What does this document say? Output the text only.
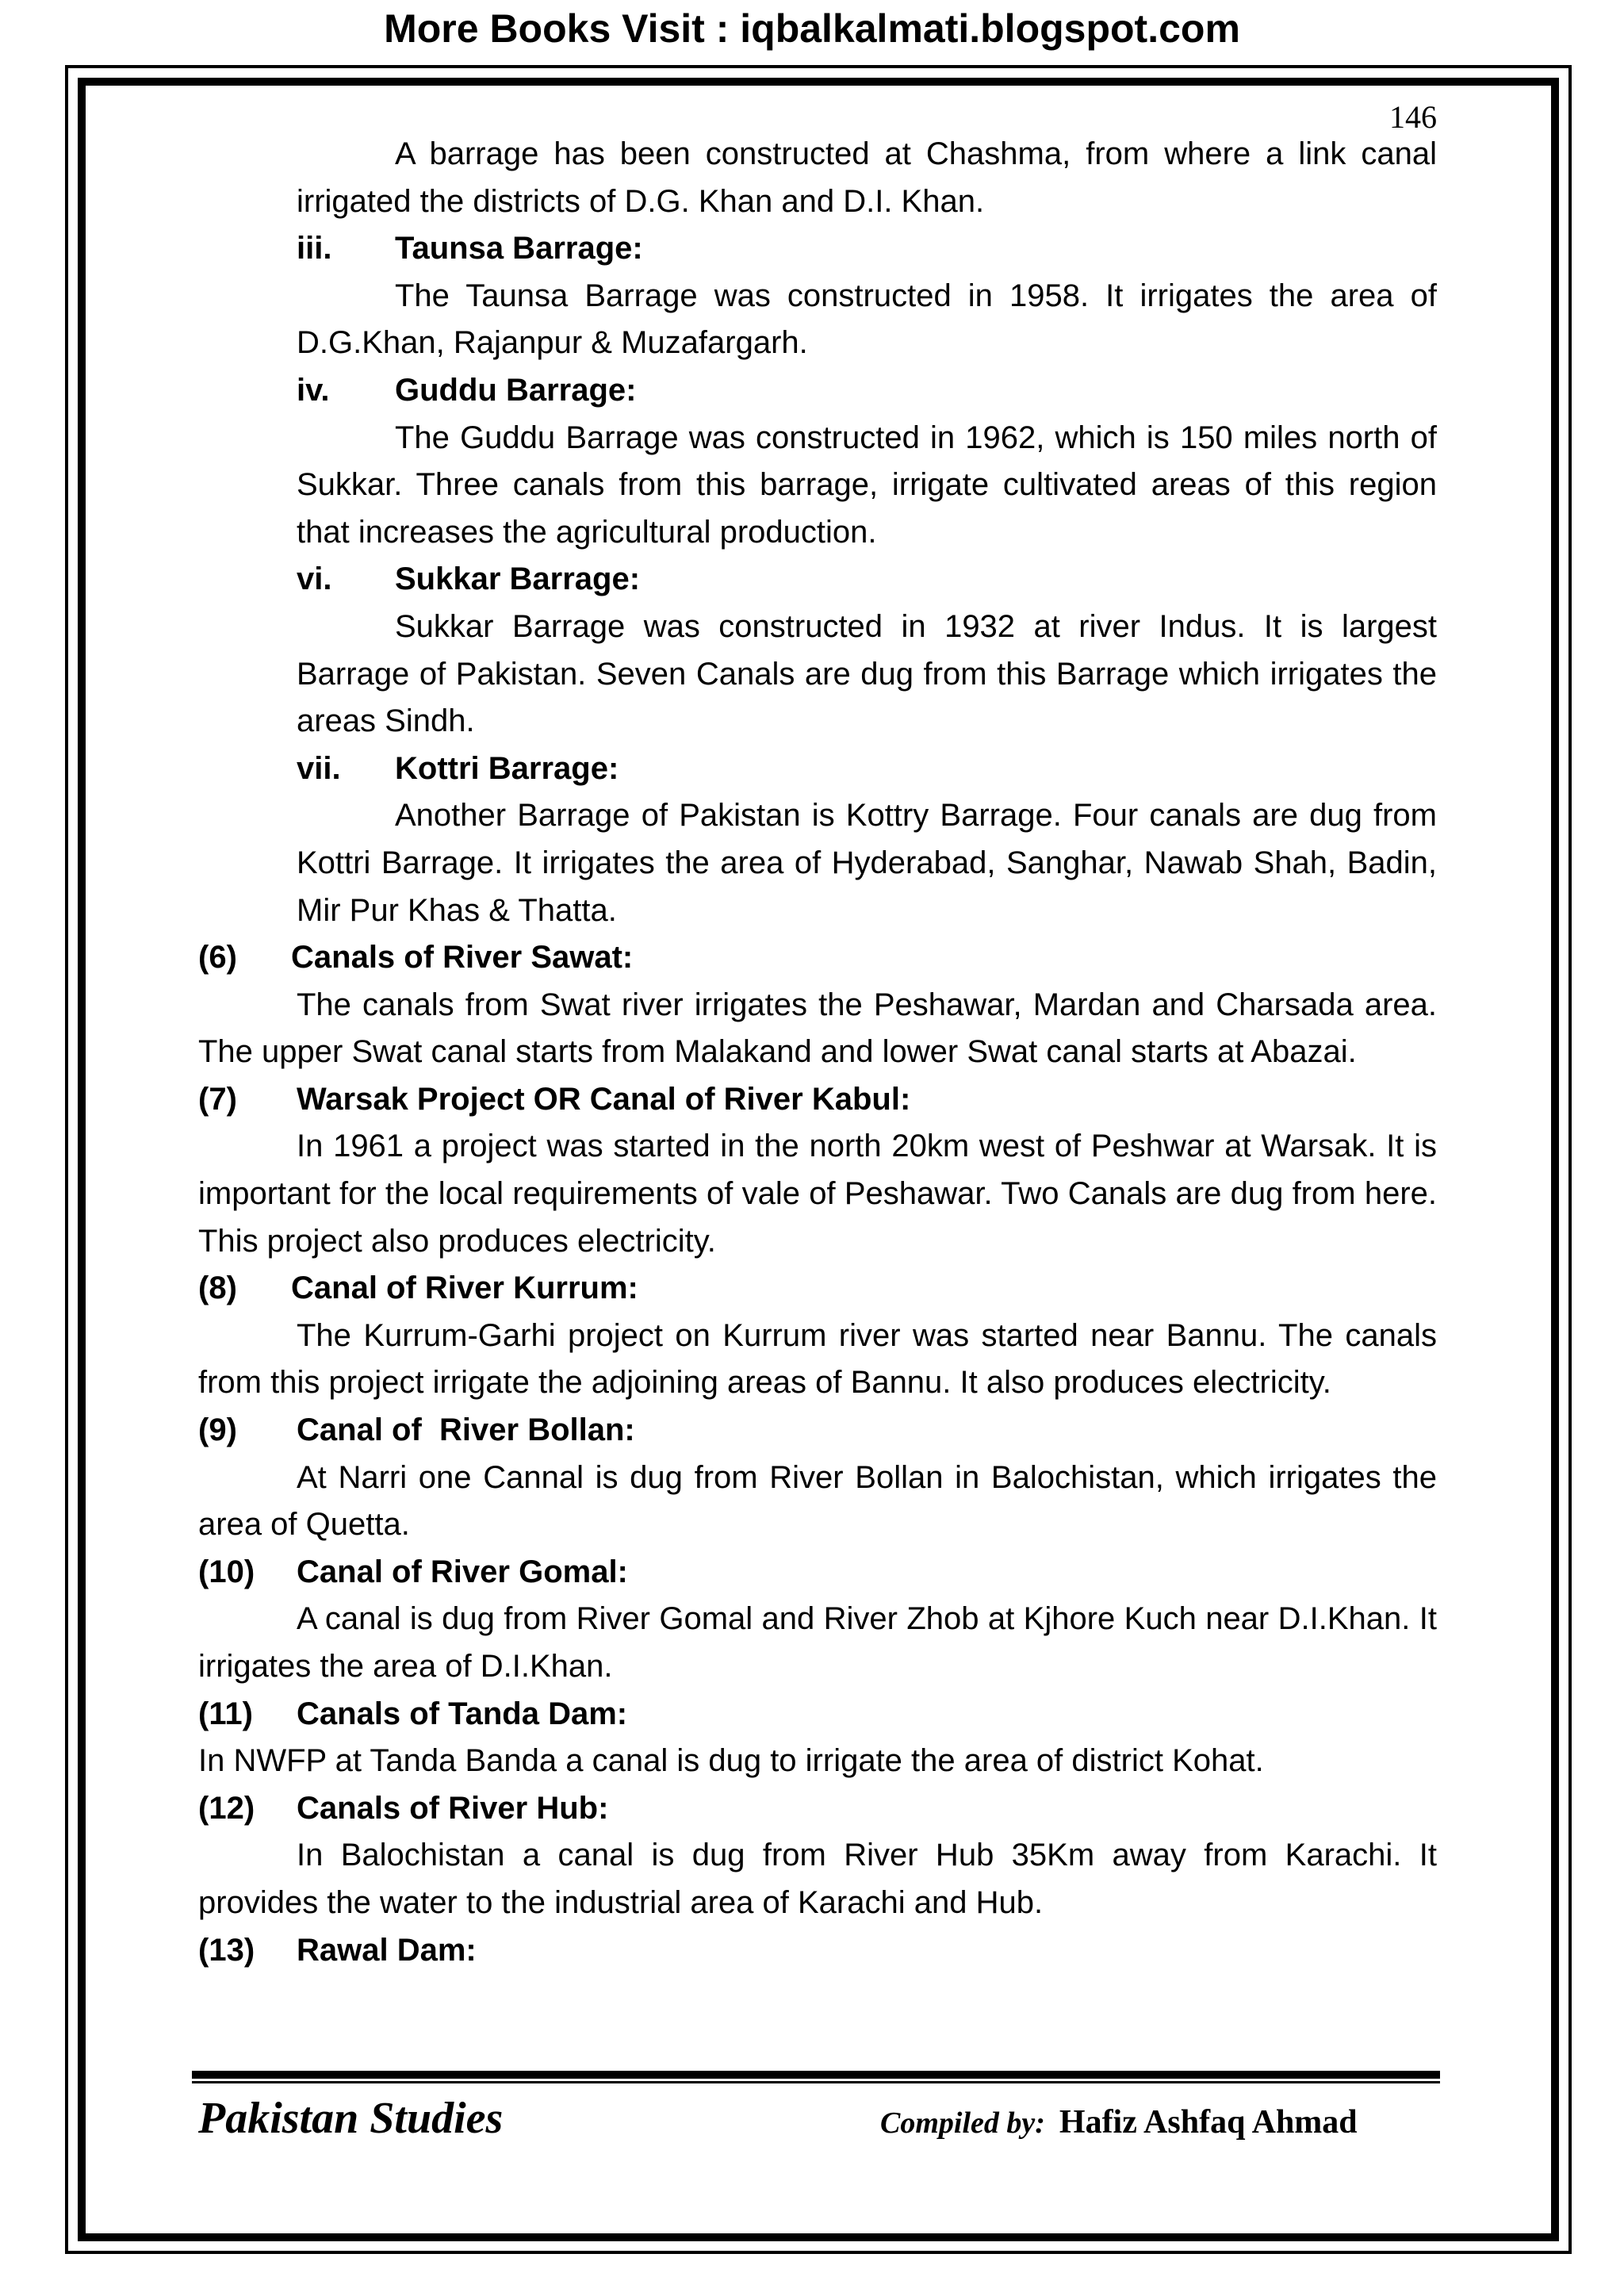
More Books Visit : iqbalkalmati.blogspot.com
146

A barrage has been constructed at Chashma, from where a link canal irrigated the districts of D.G. Khan and D.I. Khan.

iii.	Taunsa Barrage:

The Taunsa Barrage was constructed in 1958. It irrigates the area of D.G.Khan, Rajanpur & Muzafargarh.

iv.	Guddu Barrage:

The Guddu Barrage was constructed in 1962, which is 150 miles north of Sukkar. Three canals from this barrage, irrigate cultivated areas of this region that increases the agricultural production.

vi.	Sukkar Barrage:

Sukkar Barrage was constructed in 1932 at river Indus. It is largest Barrage of Pakistan. Seven Canals are dug from this Barrage which irrigates the areas Sindh.

vii.	Kottri Barrage:

Another Barrage of Pakistan is Kottry Barrage. Four canals are dug from Kottri Barrage. It irrigates the area of Hyderabad, Sanghar, Nawab Shah, Badin, Mir Pur Khas & Thatta.

(6)	Canals of River Sawat:

The canals from Swat river irrigates the Peshawar, Mardan and Charsada area. The upper Swat canal starts from Malakand and lower Swat canal starts at Abazai.

(7)	Warsak Project OR Canal of River Kabul:

In 1961 a project was started in the north 20km west of Peshwar at Warsak. It is important for the local requirements of vale of Peshawar. Two Canals are dug from here. This project also produces electricity.

(8)	Canal of River Kurrum:

The Kurrum-Garhi project on Kurrum river was started near Bannu. The canals from this project irrigate the adjoining areas of Bannu. It also produces electricity.

(9)	Canal of  River Bollan:

At Narri one Cannal is dug from River Bollan in Balochistan, which irrigates the area of Quetta.

(10)	Canal of River Gomal:

A canal is dug from River Gomal and River Zhob at Kjhore Kuch near D.I.Khan. It irrigates the area of D.I.Khan.

(11)	Canals of Tanda Dam:

In NWFP at Tanda Banda a canal is dug to irrigate the area of district Kohat.

(12)	Canals of River Hub:

In Balochistan a canal is dug from River Hub 35Km away from Karachi. It provides the water to the industrial area of Karachi and Hub.

(13)	Rawal Dam:
Pakistan Studies	Compiled by: Hafiz Ashfaq Ahmad
